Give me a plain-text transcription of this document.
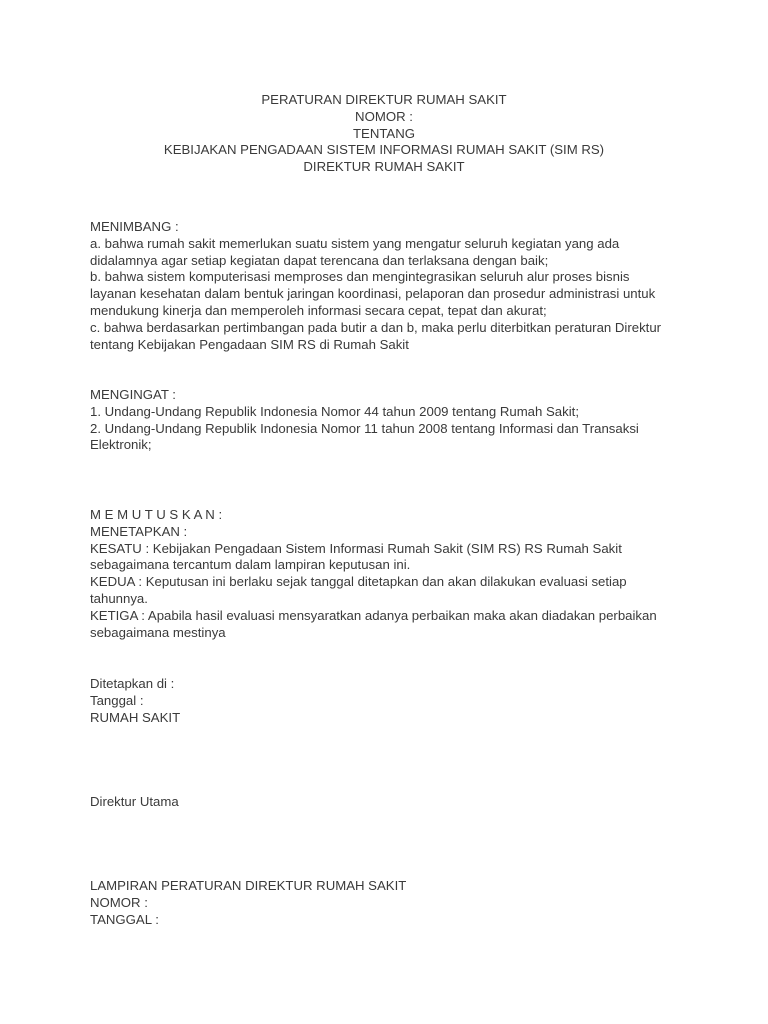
PERATURAN DIREKTUR RUMAH SAKIT
NOMOR :
TENTANG
KEBIJAKAN PENGADAAN SISTEM INFORMASI RUMAH SAKIT (SIM RS)
DIREKTUR RUMAH SAKIT
MENIMBANG :
a. bahwa rumah sakit memerlukan suatu sistem yang mengatur seluruh kegiatan yang ada
didalamnya agar setiap kegiatan dapat terencana dan terlaksana dengan baik;
b. bahwa sistem komputerisasi memproses dan mengintegrasikan seluruh alur proses bisnis
layanan kesehatan dalam bentuk jaringan koordinasi, pelaporan dan prosedur administrasi untuk
mendukung kinerja dan memperoleh informasi secara cepat, tepat dan akurat;
c. bahwa berdasarkan pertimbangan pada butir a dan b, maka perlu diterbitkan peraturan Direktur
tentang Kebijakan Pengadaan SIM RS di Rumah Sakit
MENGINGAT :
1. Undang-Undang Republik Indonesia Nomor 44 tahun 2009 tentang Rumah Sakit;
2. Undang-Undang Republik Indonesia Nomor 11 tahun 2008 tentang Informasi dan Transaksi
Elektronik;
M E M U T U S K A N :
MENETAPKAN :
KESATU : Kebijakan Pengadaan Sistem Informasi Rumah Sakit (SIM RS) RS Rumah Sakit
sebagaimana tercantum dalam lampiran keputusan ini.
KEDUA : Keputusan ini berlaku sejak tanggal ditetapkan dan akan dilakukan evaluasi setiap
tahunnya.
KETIGA : Apabila hasil evaluasi mensyaratkan adanya perbaikan maka akan diadakan perbaikan
sebagaimana mestinya
Ditetapkan di :
Tanggal :
RUMAH SAKIT
Direktur Utama
LAMPIRAN PERATURAN DIREKTUR RUMAH SAKIT
NOMOR :
TANGGAL :
